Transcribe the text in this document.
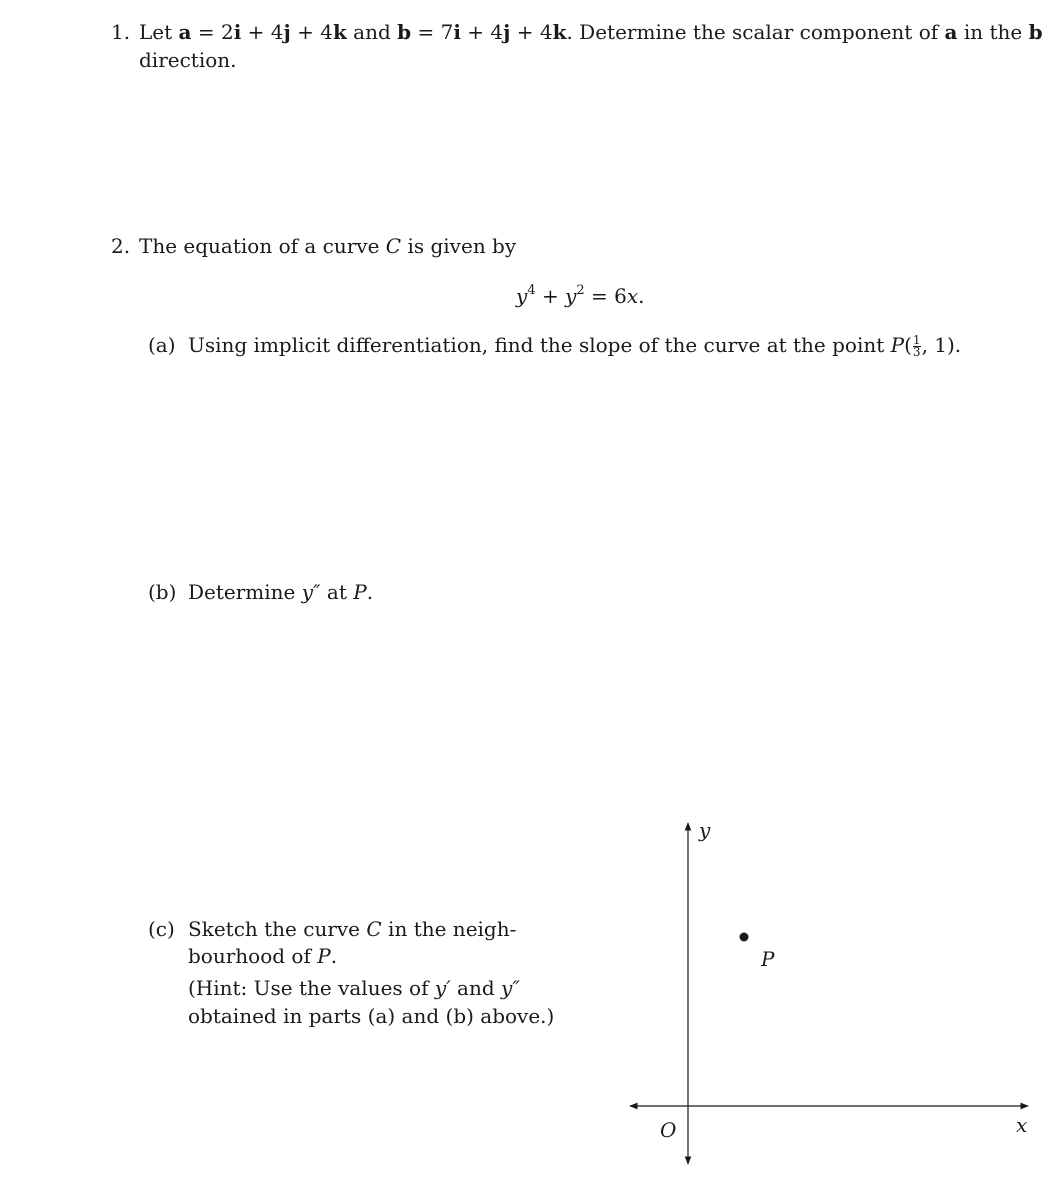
1. Let a = 2i + 4j + 4k and b = 7i + 4j + 4k. Determine the scalar component of a in the b
direction.
2. The equation of a curve C is given by
$y^4 + y^2 = 6x$.
(a) Using implicit differentiation, find the slope of the curve at the point $P( \frac{1}{3}$ , 1).
(b) Determine y″ at P.
(c) Sketch the curve C in the neigh-
bourhood of P.
(Hint: Use the values of y′ and y″
obtained in parts (a) and (b) above.)
y
x
O
P
